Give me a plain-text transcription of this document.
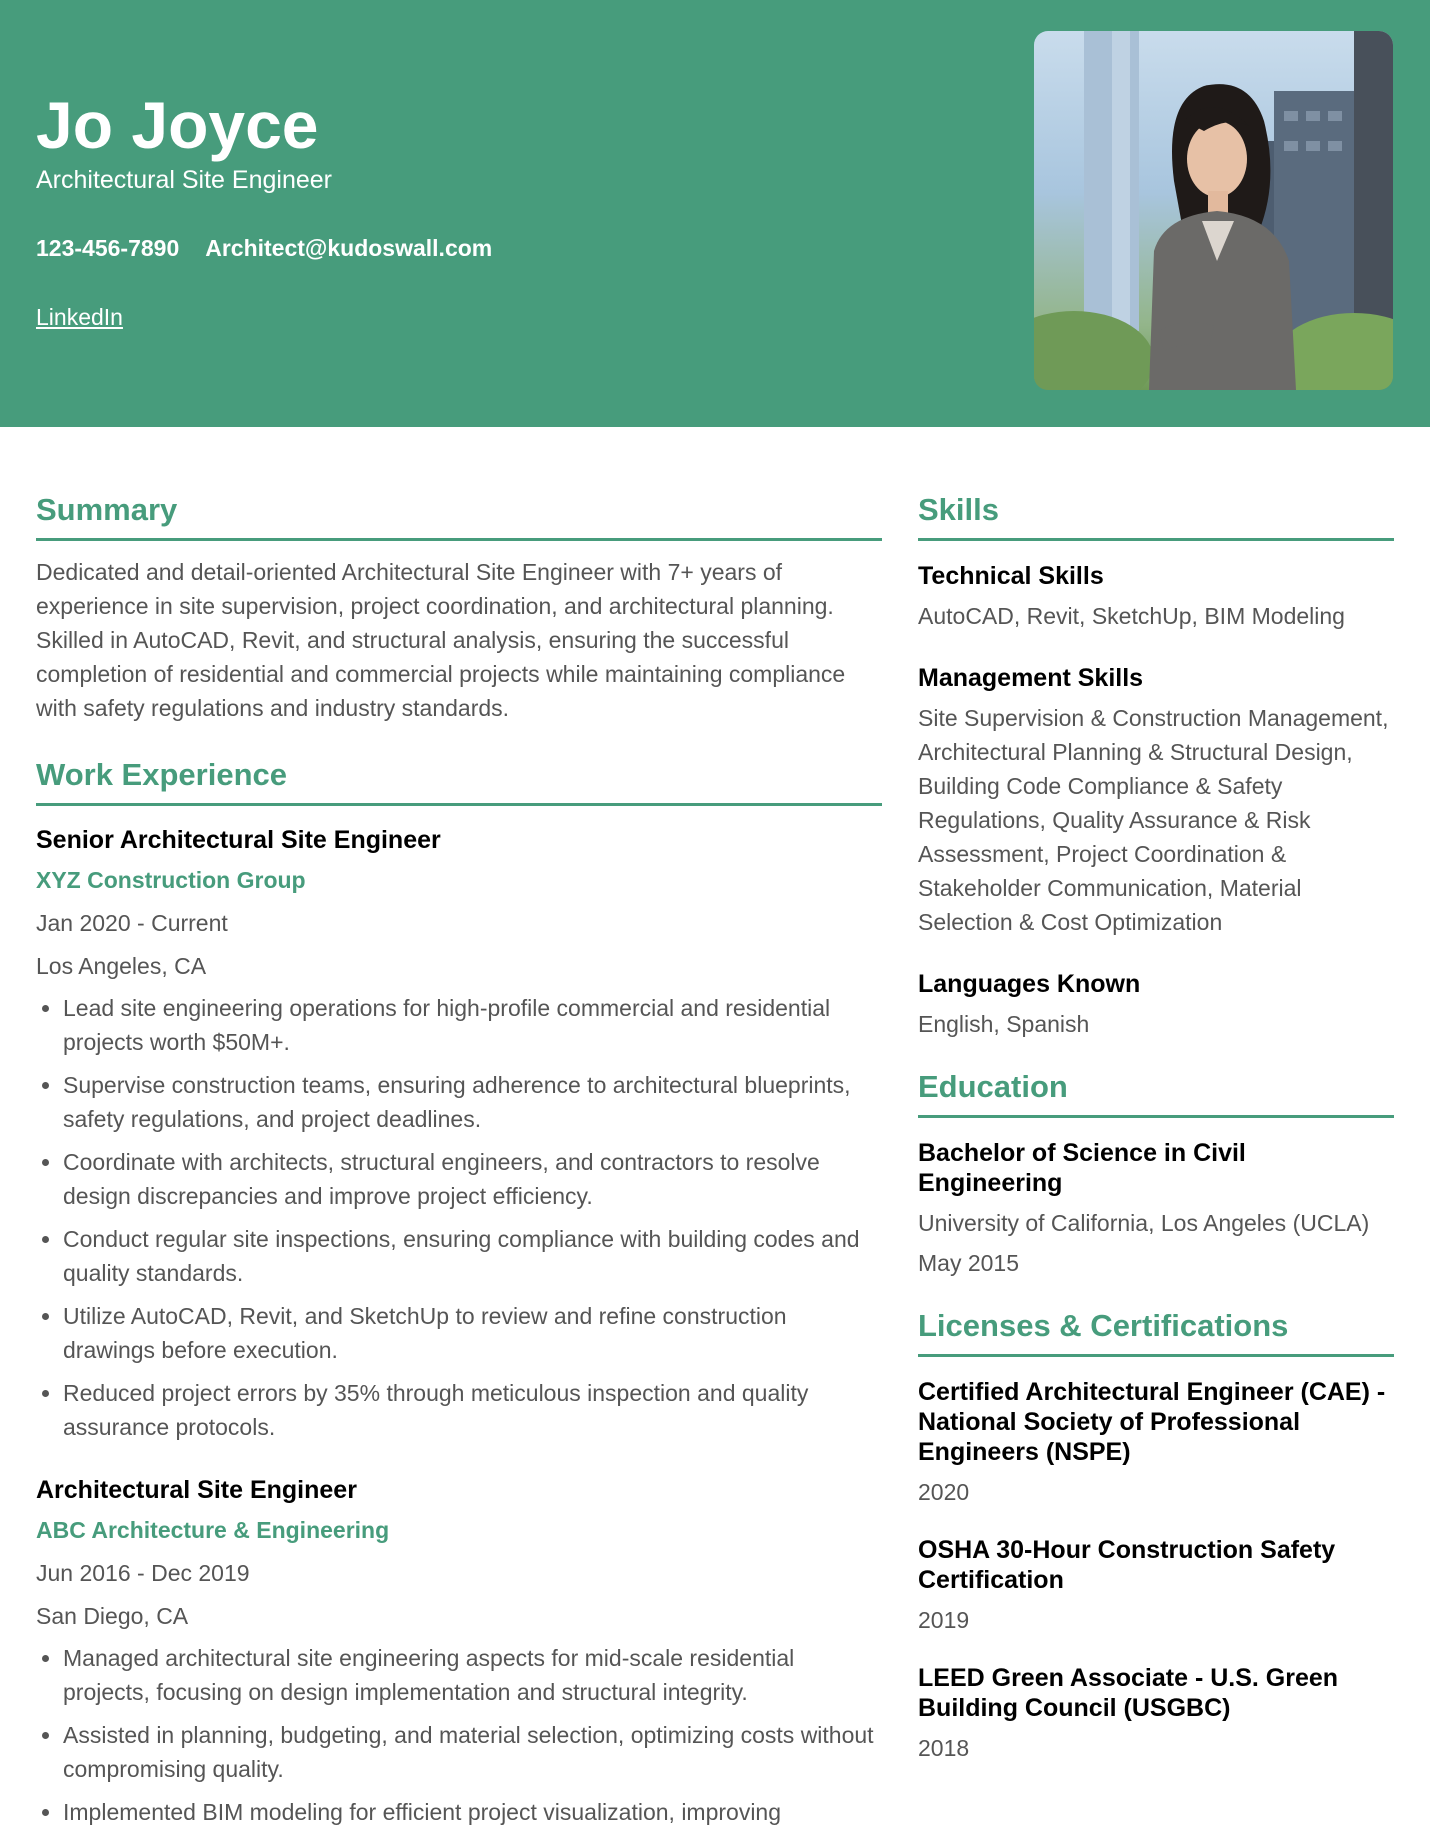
Jo Joyce
Architectural Site Engineer
123-456-7890 Architect@kudoswall.com
LinkedIn
Summary

Dedicated and detail-oriented Architectural Site Engineer with 7+ years of experience in site supervision, project coordination, and architectural planning. Skilled in AutoCAD, Revit, and structural analysis, ensuring the successful completion of residential and commercial projects while maintaining compliance with safety regulations and industry standards.

Work Experience
Senior Architectural Site Engineer
XYZ Construction Group
Jan 2020 - Current
Los Angeles, CA
• Lead site engineering operations for high-profile commercial and residential projects worth $50M+.
• Supervise construction teams, ensuring adherence to architectural blueprints, safety regulations, and project deadlines.
• Coordinate with architects, structural engineers, and contractors to resolve design discrepancies and improve project efficiency.
• Conduct regular site inspections, ensuring compliance with building codes and quality standards.
• Utilize AutoCAD, Revit, and SketchUp to review and refine construction drawings before execution.
• Reduced project errors by 35% through meticulous inspection and quality assurance protocols.
Architectural Site Engineer
ABC Architecture & Engineering
Jun 2016 - Dec 2019
San Diego, CA
• Managed architectural site engineering aspects for mid-scale residential projects, focusing on design implementation and structural integrity.
• Assisted in planning, budgeting, and material selection, optimizing costs without compromising quality.
• Implemented BIM modeling for efficient project visualization, improving
Skills
Technical Skills

AutoCAD, Revit, SketchUp, BIM Modeling

Management Skills

Site Supervision & Construction Management, Architectural Planning & Structural Design, Building Code Compliance & Safety Regulations, Quality Assurance & Risk Assessment, Project Coordination & Stakeholder Communication, Material Selection & Cost Optimization

Languages Known

English, Spanish

Education
Bachelor of Science in Civil Engineering

University of California, Los Angeles (UCLA)

May 2015

Licenses & Certifications
Certified Architectural Engineer (CAE) - National Society of Professional Engineers (NSPE)

2020

OSHA 30-Hour Construction Safety Certification

2019

LEED Green Associate - U.S. Green Building Council (USGBC)

2018
